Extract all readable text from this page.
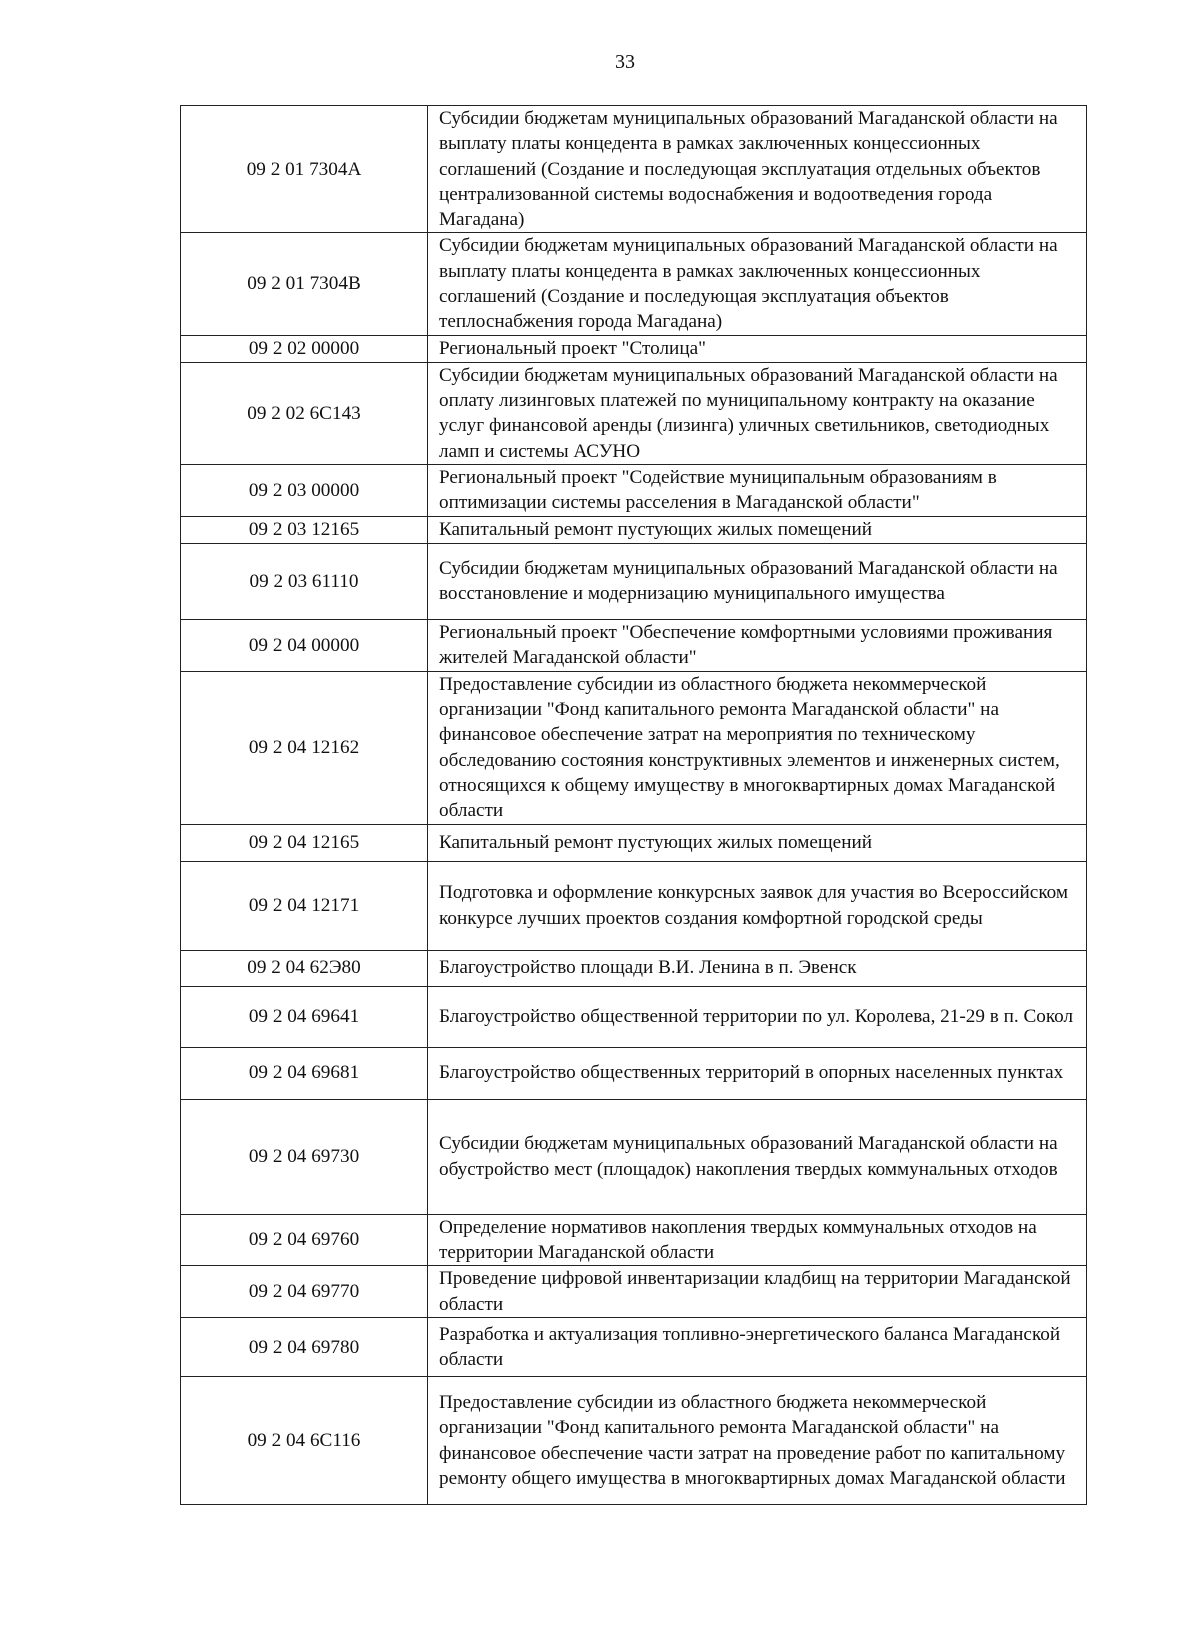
33
09 2 01 7304А	Субсидии бюджетам муниципальных образований Магаданской области на выплату платы концедента в рамках заключенных концессионных соглашений (Создание и последующая эксплуатация отдельных объектов централизованной системы водоснабжения и водоотведения города Магадана)
09 2 01 7304В	Субсидии бюджетам муниципальных образований Магаданской области на выплату платы концедента в рамках заключенных концессионных соглашений (Создание и последующая эксплуатация объектов теплоснабжения города Магадана)
09 2 02 00000	Региональный проект "Столица"
09 2 02 6С143	Субсидии бюджетам муниципальных образований Магаданской области на оплату лизинговых платежей по муниципальному контракту на оказание услуг финансовой аренды (лизинга) уличных светильников, светодиодных ламп и системы АСУНО
09 2 03 00000	Региональный проект "Содействие муниципальным образованиям в оптимизации системы расселения в Магаданской области"
09 2 03 12165	Капитальный ремонт пустующих жилых помещений
09 2 03 61110	Субсидии бюджетам муниципальных образований Магаданской области на восстановление и модернизацию муниципального имущества
09 2 04 00000	Региональный проект "Обеспечение комфортными условиями проживания жителей Магаданской области"
09 2 04 12162	Предоставление субсидии из областного бюджета некоммерческой организации "Фонд капитального ремонта Магаданской области" на финансовое обеспечение затрат на мероприятия по техническому обследованию состояния конструктивных элементов и инженерных систем, относящихся к общему имуществу в многоквартирных домах Магаданской области
09 2 04 12165	Капитальный ремонт пустующих жилых помещений
09 2 04 12171	Подготовка и оформление конкурсных заявок для участия во Всероссийском конкурсе лучших проектов создания комфортной городской среды
09 2 04 62Э80	Благоустройство площади В.И. Ленина в п. Эвенск
09 2 04 69641	Благоустройство общественной территории по ул. Королева, 21-29 в п. Сокол
09 2 04 69681	Благоустройство общественных территорий в опорных населенных пунктах
09 2 04 69730	Субсидии бюджетам муниципальных образований Магаданской области на обустройство мест (площадок) накопления твердых коммунальных отходов
09 2 04 69760	Определение нормативов накопления твердых коммунальных отходов на территории Магаданской области
09 2 04 69770	Проведение цифровой инвентаризации кладбищ на территории Магаданской области
09 2 04 69780	Разработка и актуализация топливно-энергетического баланса Магаданской области
09 2 04 6С116	Предоставление субсидии из областного бюджета некоммерческой организации "Фонд капитального ремонта Магаданской области" на финансовое обеспечение части затрат на проведение работ по капитальному ремонту общего имущества в многоквартирных домах Магаданской области
